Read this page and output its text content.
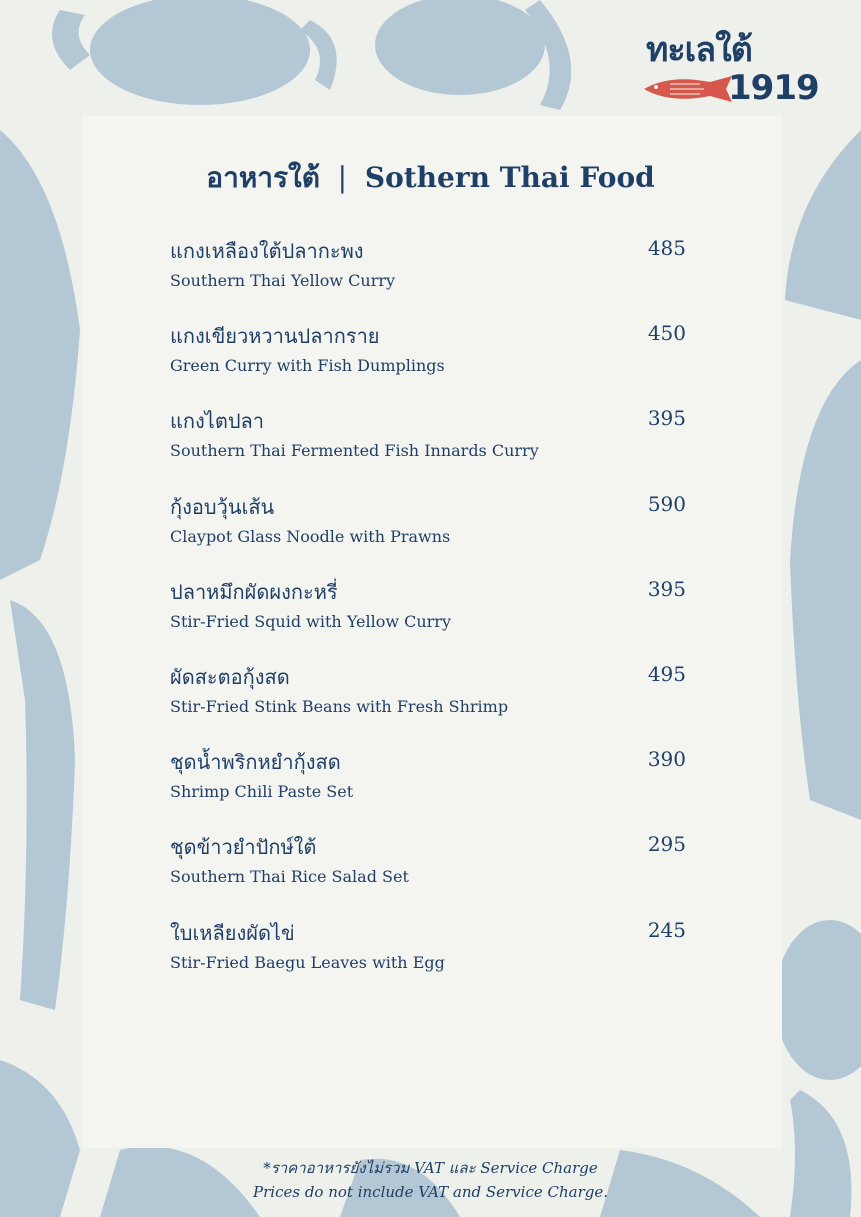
ทะเลใต้
1919
อาหารใต้ | Sothern Thai Food
แกงเหลืองใต้ปลากะพง
Southern Thai Yellow Curry
485
แกงเขียวหวานปลากราย
Green Curry with Fish Dumplings
450
แกงไตปลา
Southern Thai Fermented Fish Innards Curry
395
กุ้งอบวุ้นเส้น
Claypot Glass Noodle with Prawns
590
ปลาหมึกผัดผงกะหรี่
Stir-Fried Squid with Yellow Curry
395
ผัดสะตอกุ้งสด
Stir-Fried Stink Beans with Fresh Shrimp
495
ชุดน้ำพริกหยำกุ้งสด
Shrimp Chili Paste Set
390
ชุดข้าวยำปักษ์ใต้
Southern Thai Rice Salad Set
295
ใบเหลียงผัดไข่
Stir-Fried Baegu Leaves with Egg
245
*ราคาอาหารยังไม่รวม VAT และ Service Charge
Prices do not include VAT and Service Charge.
